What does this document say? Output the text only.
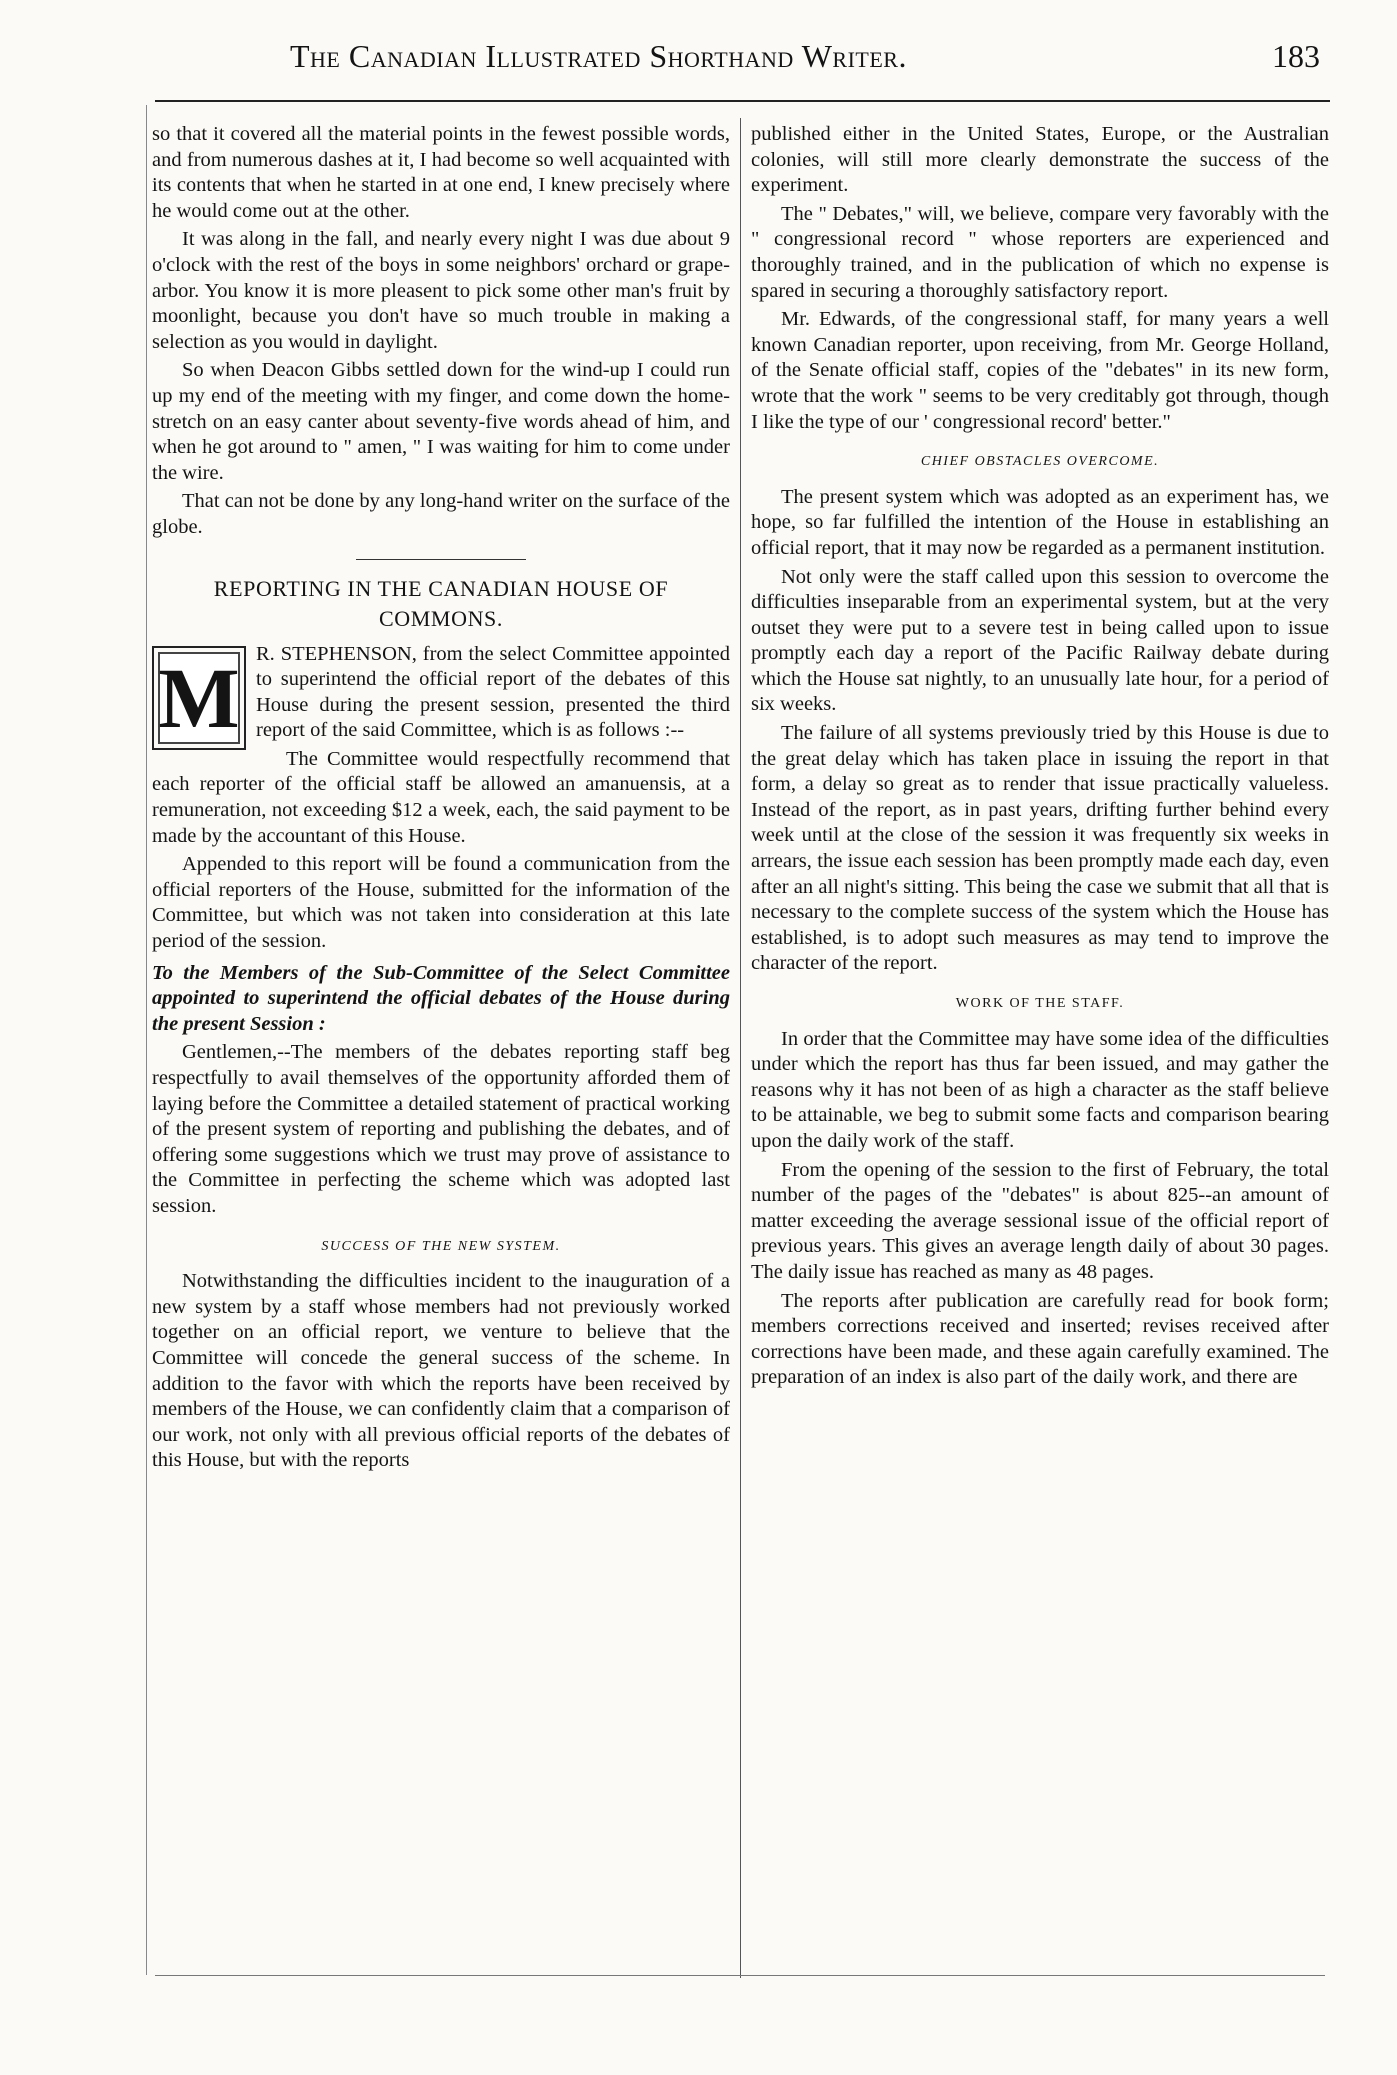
The Canadian Illustrated Shorthand Writer.	183

so that it covered all the material points in the fewest possible words, and from numerous dashes at it, I had become so well acquainted with its contents that when he started in at one end, I knew precisely where he would come out at the other.

It was along in the fall, and nearly every night I was due about 9 o'clock with the rest of the boys in some neighbors' orchard or grape-arbor. You know it is more pleasent to pick some other man's fruit by moonlight, because you don't have so much trouble in making a selection as you would in daylight.

So when Deacon Gibbs settled down for the wind-up I could run up my end of the meeting with my finger, and come down the home-stretch on an easy canter about seventy-five words ahead of him, and when he got around to " amen, " I was waiting for him to come under the wire.

That can not be done by any long-hand writer on the surface of the globe.

REPORTING IN THE CANADIAN HOUSE OF COMMONS.
M R. STEPHENSON, from the select Committee appointed to superintend the official report of the debates of this House during the present session, presented the third report of the said Committee, which is as follows :--

The Committee would respectfully recommend that each reporter of the official staff be allowed an amanuensis, at a remuneration, not exceeding $12 a week, each, the said payment to be made by the accountant of this House.

Appended to this report will be found a communication from the official reporters of the House, submitted for the information of the Committee, but which was not taken into consideration at this late period of the session.

To the Members of the Sub-Committee of the Select Committee appointed to superintend the official debates of the House during the present Session :

Gentlemen,--The members of the debates reporting staff beg respectfully to avail themselves of the opportunity afforded them of laying before the Committee a detailed statement of practical working of the present system of reporting and publishing the debates, and of offering some suggestions which we trust may prove of assistance to the Committee in perfecting the scheme which was adopted last session.

SUCCESS OF THE NEW SYSTEM.

Notwithstanding the difficulties incident to the inauguration of a new system by a staff whose members had not previously worked together on an official report, we venture to believe that the Committee will concede the general success of the scheme. In addition to the favor with which the reports have been received by members of the House, we can confidently claim that a comparison of our work, not only with all previous official reports of the debates of this House, but with the reports

published either in the United States, Europe, or the Australian colonies, will still more clearly demonstrate the success of the experiment.

The " Debates," will, we believe, compare very favorably with the " congressional record " whose reporters are experienced and thoroughly trained, and in the publication of which no expense is spared in securing a thoroughly satisfactory report.

Mr. Edwards, of the congressional staff, for many years a well known Canadian reporter, upon receiving, from Mr. George Holland, of the Senate official staff, copies of the "debates" in its new form, wrote that the work " seems to be very creditably got through, though I like the type of our ' congressional record' better."

CHIEF OBSTACLES OVERCOME.

The present system which was adopted as an experiment has, we hope, so far fulfilled the intention of the House in establishing an official report, that it may now be regarded as a permanent institution.

Not only were the staff called upon this session to overcome the difficulties inseparable from an experimental system, but at the very outset they were put to a severe test in being called upon to issue promptly each day a report of the Pacific Railway debate during which the House sat nightly, to an unusually late hour, for a period of six weeks.

The failure of all systems previously tried by this House is due to the great delay which has taken place in issuing the report in that form, a delay so great as to render that issue practically valueless. Instead of the report, as in past years, drifting further behind every week until at the close of the session it was frequently six weeks in arrears, the issue each session has been promptly made each day, even after an all night's sitting. This being the case we submit that all that is necessary to the complete success of the system which the House has established, is to adopt such measures as may tend to improve the character of the report.

WORK OF THE STAFF.

In order that the Committee may have some idea of the difficulties under which the report has thus far been issued, and may gather the reasons why it has not been of as high a character as the staff believe to be attainable, we beg to submit some facts and comparison bearing upon the daily work of the staff.

From the opening of the session to the first of February, the total number of the pages of the "debates" is about 825--an amount of matter exceeding the average sessional issue of the official report of previous years. This gives an average length daily of about 30 pages. The daily issue has reached as many as 48 pages.

The reports after publication are carefully read for book form; members corrections received and inserted; revises received after corrections have been made, and these again carefully examined. The preparation of an index is also part of the daily work, and there are
